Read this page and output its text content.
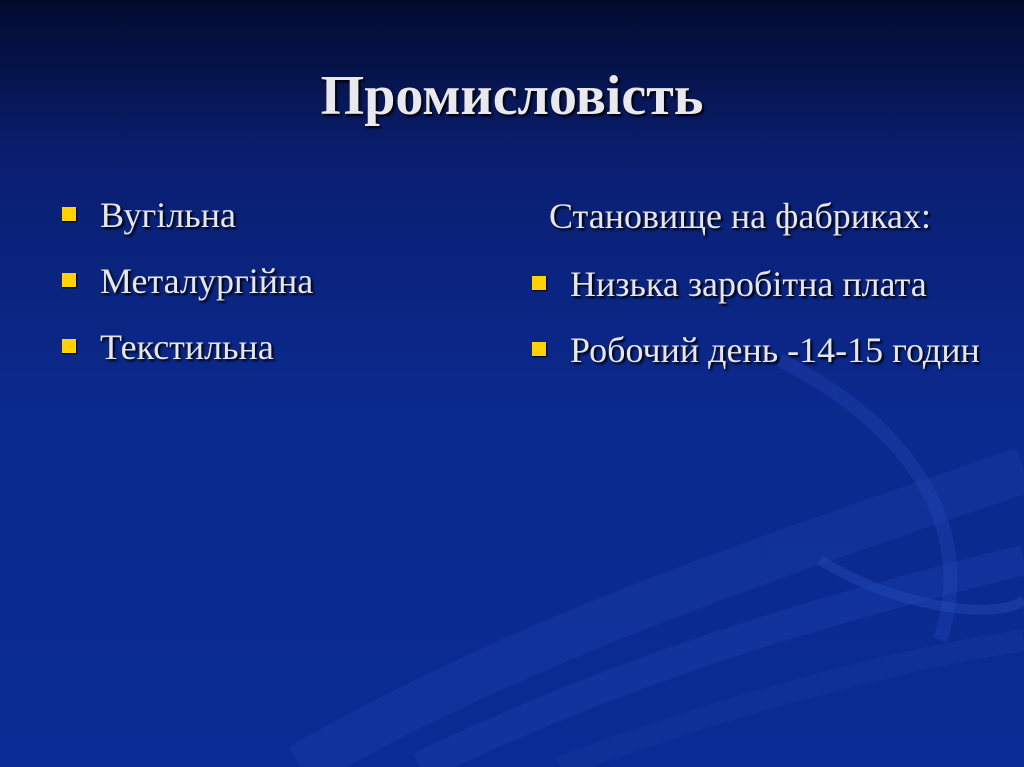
Промисловість
Вугільна
Металургійна
Текстильна
Становище на фабриках:
Низька заробітна плата
Робочий день -14-15 годин
